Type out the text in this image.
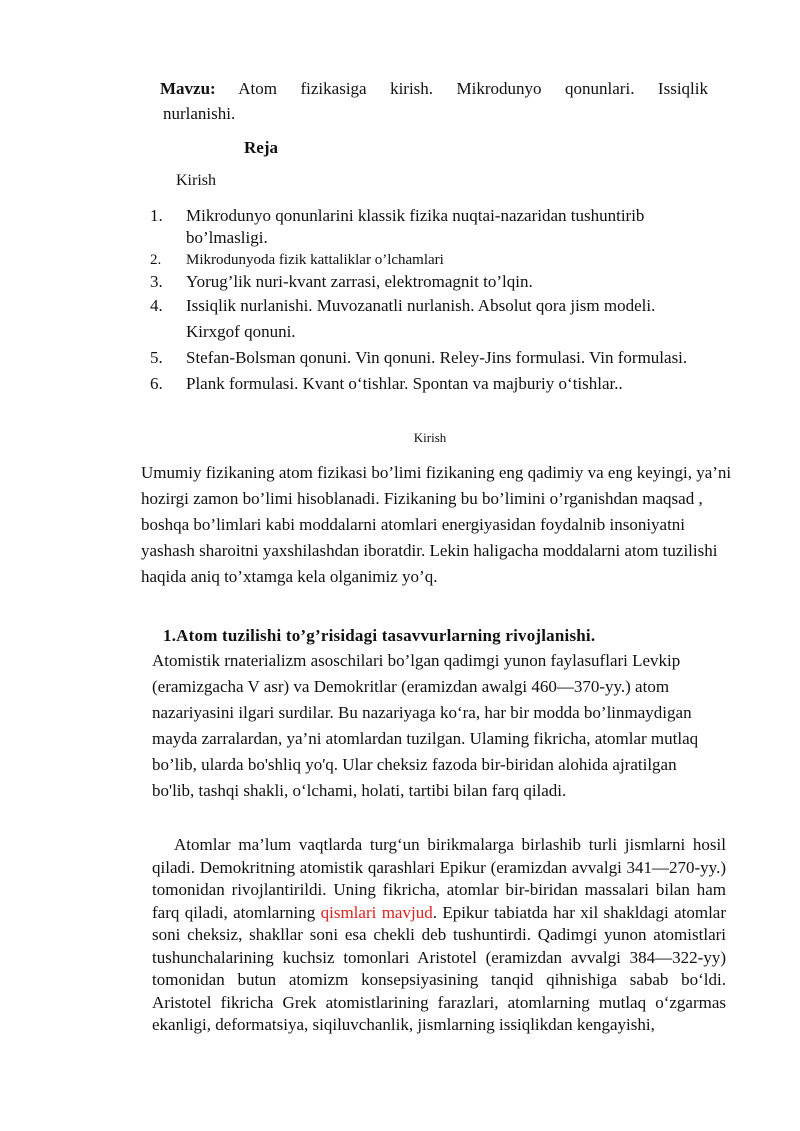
Mavzu: Atom fizikasiga kirish. Mikrodunyo qonunlari. Issiqlik
nurlanishi.
Reja
Kirish
1. Mikrodunyo qonunlarini klassik fizika nuqtai-nazaridan tushuntirib bo’lmasligi.
2. Mikrodunyoda fizik kattaliklar o’lchamlari
3. Yorug’lik nuri-kvant zarrasi, elektromagnit to’lqin.
4. Issiqlik nurlanishi. Muvozanatli nurlanish. Absolut qora jism modeli. Kirxgof qonuni.
5. Stefan-Bolsman qonuni. Vin qonuni. Reley-Jins formulasi. Vin formulasi.
6. Plank formulasi. Kvant o‘tishlar. Spontan va majburiy o‘tishlar..
Kirish
Umumiy fizikaning atom fizikasi bo’limi fizikaning eng qadimiy va eng keyingi, ya’ni hozirgi zamon bo’limi hisoblanadi. Fizikaning bu bo’limini o’rganishdan maqsad , boshqa bo’limlari kabi moddalarni atomlari energiyasidan foydalnib insoniyatni yashash sharoitni yaxshilashdan iboratdir. Lekin haligacha moddalarni atom tuzilishi haqida aniq to’xtamga kela olganimiz yo’q.
1.Atom tuzilishi to’g’risidagi tasavvurlarning rivojlanishi.
Atomistik rnaterializm asoschilari bo’lgan qadimgi yunon faylasuflari Levkip (eramizgacha V asr) va Demokritlar (eramizdan awalgi 460—370-yy.) atom nazariyasini ilgari surdilar. Bu nazariyaga ko‘ra, har bir modda bo’linmaydigan mayda zarralardan, ya’ni atomlardan tuzilgan. Ulaming fikricha, atomlar mutlaq bo’lib, ularda bo'shliq yo'q. Ular cheksiz fazoda bir-biridan alohida ajratilgan bo'lib, tashqi shakli, o‘lchami, holati, tartibi bilan farq qiladi.
Atomlar ma’lum vaqtlarda turg‘un birikmalarga birlashib turli jismlarni hosil qiladi. Demokritning atomistik qarashlari Epikur (eramizdan avvalgi 341—270-yy.) tomonidan rivojlantirildi. Uning fikricha, atomlar bir-biridan massalari bilan ham farq qiladi, atomlarning qismlari mavjud. Epikur tabiatda har xil shakldagi atomlar soni cheksiz, shakllar soni esa chekli deb tushuntirdi. Qadimgi yunon atomistlari tushunchalarining kuchsiz tomonlari Aristotel (eramizdan avvalgi 384—322-yy) tomonidan butun atomizm konsepsiyasining tanqid qihnishiga sabab bo‘ldi. Aristotel fikricha Grek atomistlarining farazlari, atomlarning mutlaq o‘zgarmas ekanligi, deformatsiya, siqiluvchanlik, jismlarning issiqlikdan kengayishi,
